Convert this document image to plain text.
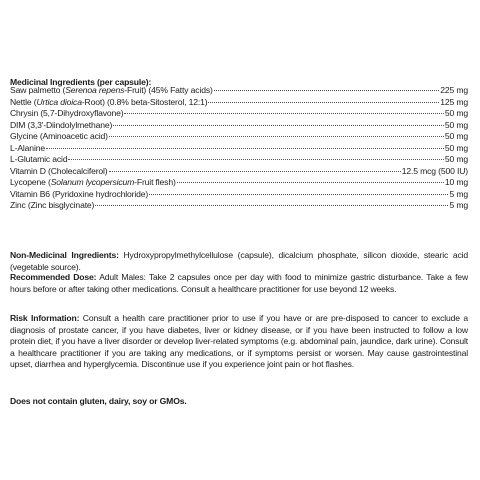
Medicinal Ingredients (per capsule):
Saw palmetto (Serenoa repens-Fruit) (45% Fatty acids)	225 mg
Nettle (Urtica dioica-Root) (0.8% beta-Sitosterol, 12:1)	125 mg
Chrysin (5,7-Dihydroxyflavone)	50 mg
DIM (3,3'-Diindolylmethane)	50 mg
Glycine (Aminoacetic acid)	50 mg
L-Alanine	50 mg
L-Glutamic acid	50 mg
Vitamin D (Cholecalciferol)	12.5 mcg (500 IU)
Lycopene (Solanum lycopersicum-Fruit flesh)	10 mg
Vitamin B6 (Pyridoxine hydrochloride)	5 mg
Zinc (Zinc bisglycinate)	5 mg
Non-Medicinal Ingredients: Hydroxypropylmethylcellulose (capsule), dicalcium phosphate, silicon dioxide, stearic acid (vegetable source).
Recommended Dose: Adult Males: Take 2 capsules once per day with food to minimize gastric disturbance. Take a few hours before or after taking other medications. Consult a healthcare practitioner for use beyond 12 weeks.
Risk Information: Consult a health care practitioner prior to use if you have or are pre-disposed to cancer to exclude a diagnosis of prostate cancer, if you have diabetes, liver or kidney disease, or if you have been instructed to follow a low protein diet, if you have a liver disorder or develop liver-related symptoms (e.g. abdominal pain, jaundice, dark urine). Consult a healthcare practitioner if you are taking any medications, or if symptoms persist or worsen. May cause gastrointestinal upset, diarrhea and hyperglycemia. Discontinue use if you experience joint pain or hot flashes.
Does not contain gluten, dairy, soy or GMOs.
